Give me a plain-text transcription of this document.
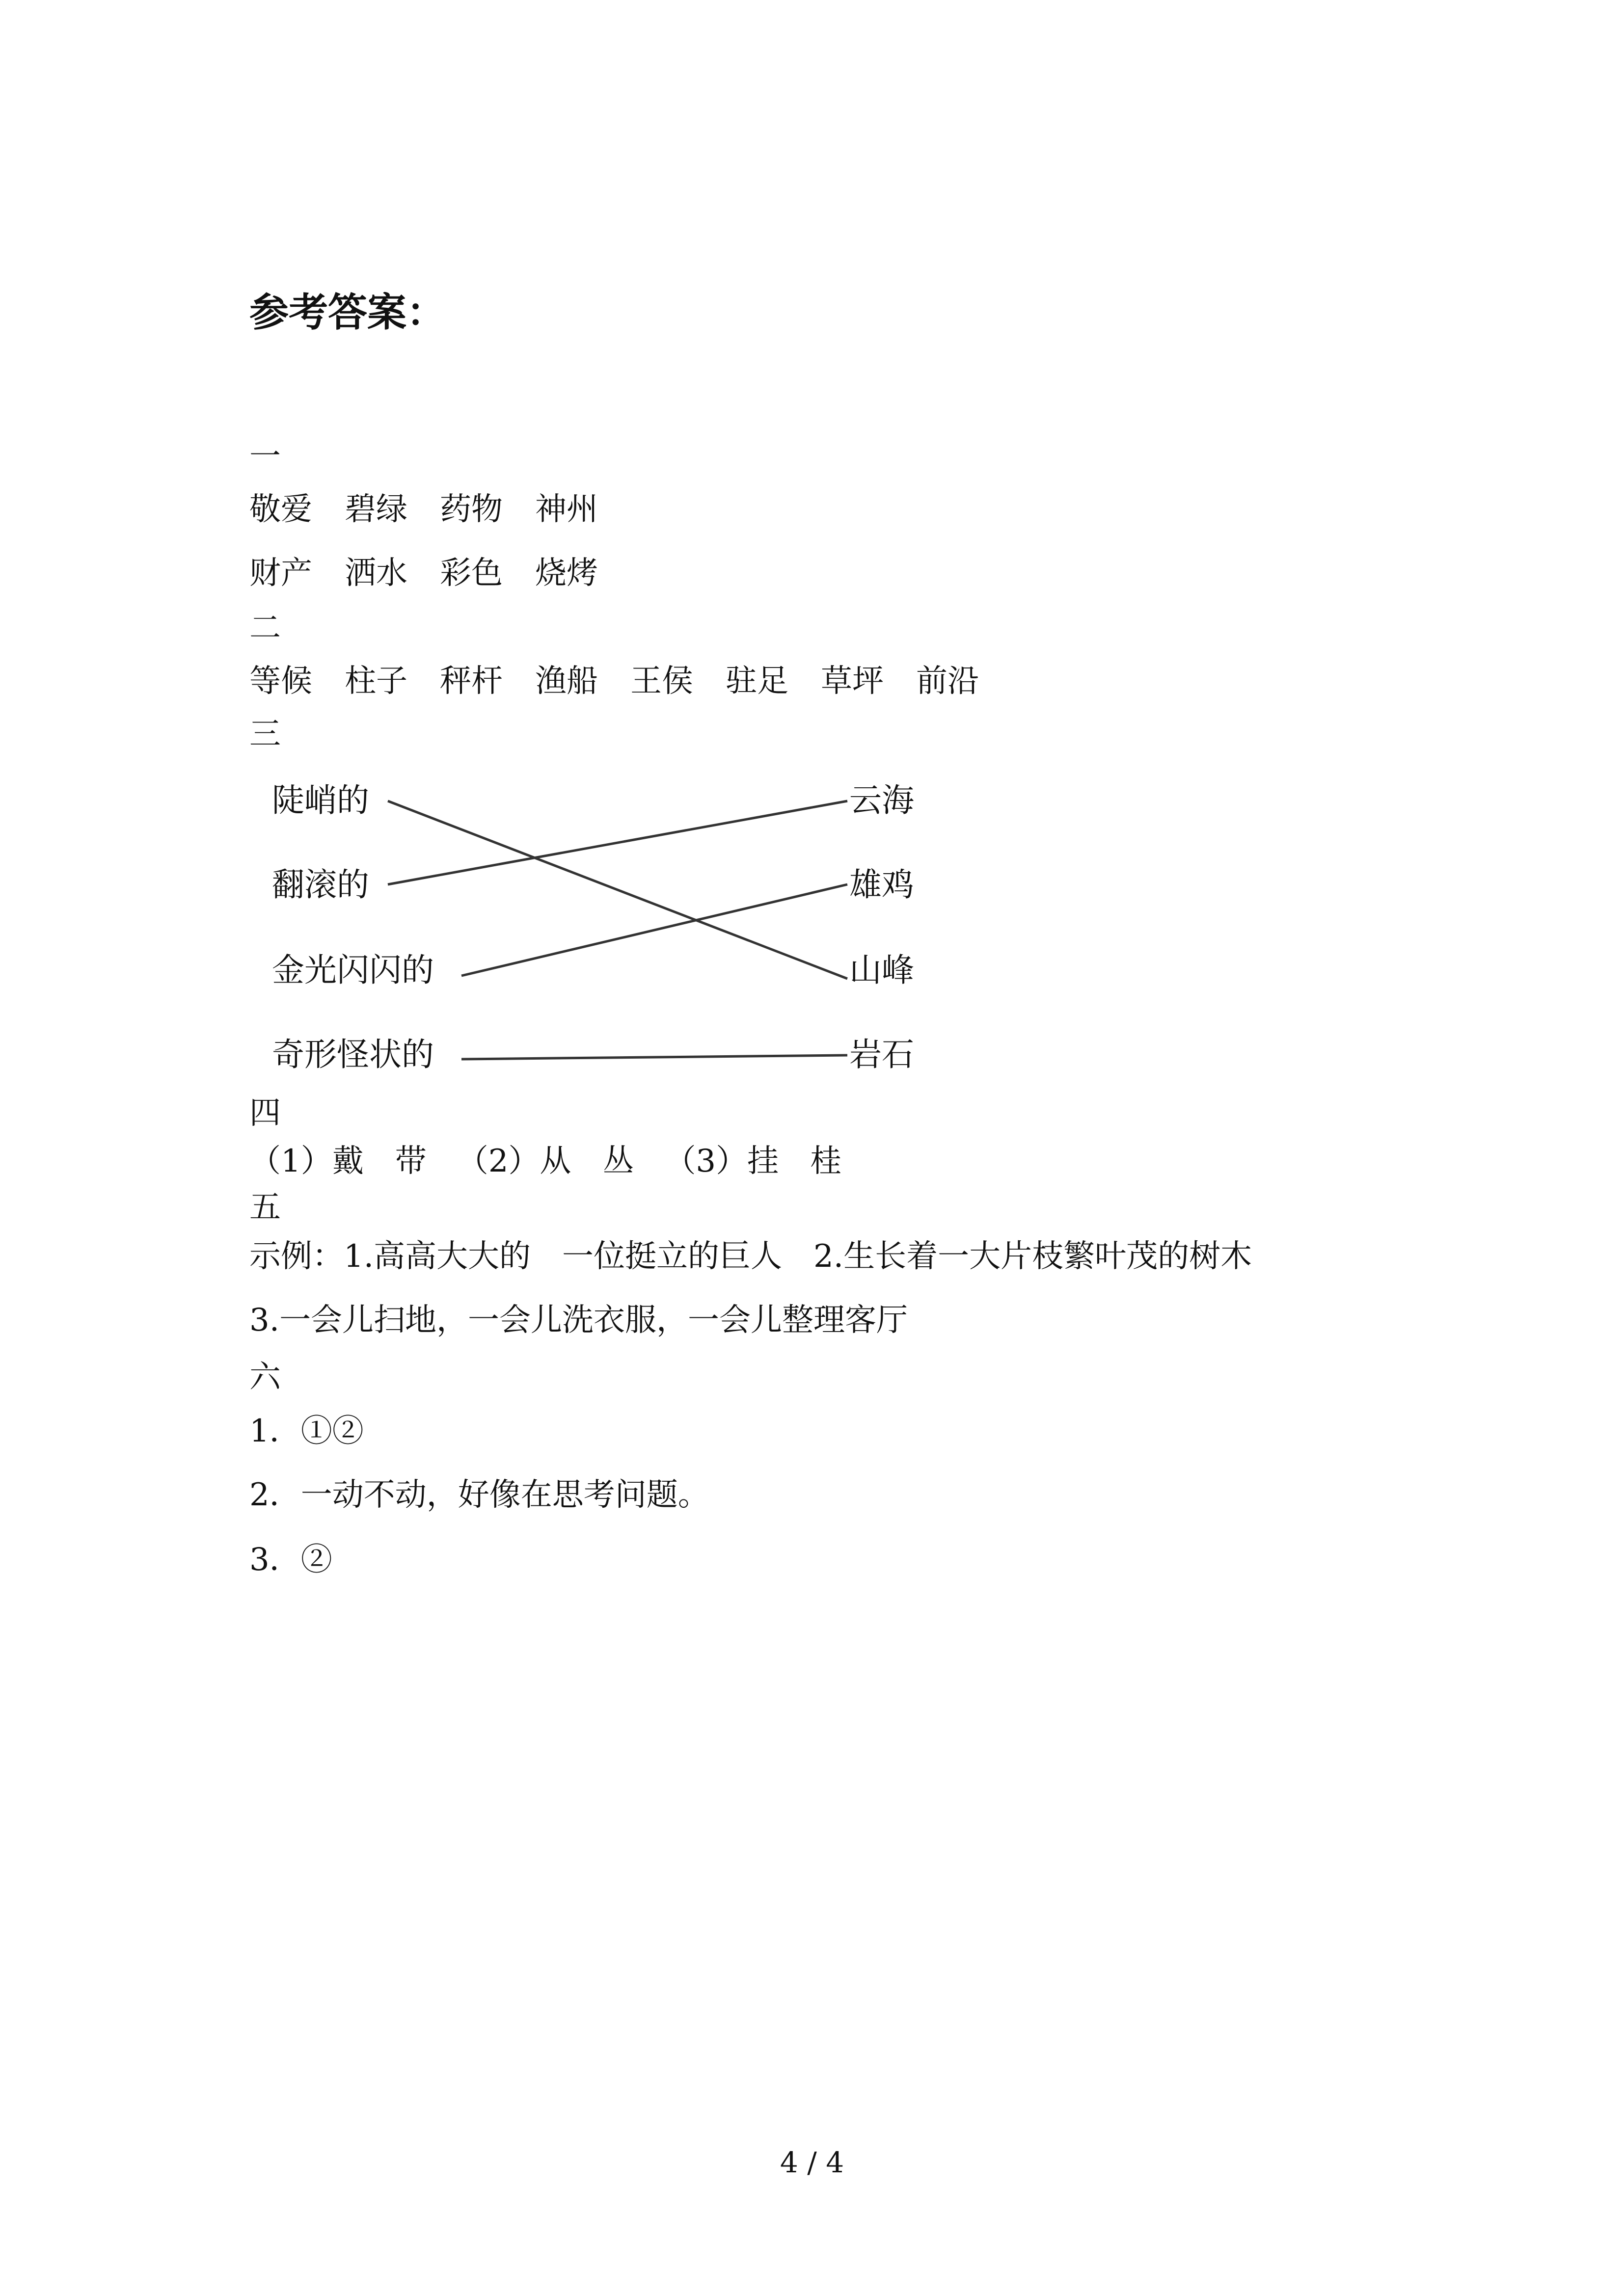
参考答案：
一
敬爱 碧绿 药物 神州
财产 洒水 彩色 烧烤
二
等候 柱子 秤杆 渔船 王侯 驻足 草坪 前沿
三
陡峭的
翻滚的
金光闪闪的
奇形怪状的
云海
雄鸡
山峰
岩石
四
（1）戴　带 （2）从　丛 （3）挂　桂
五
示例：1.高高大大的　一位挺立的巨人　2.生长着一大片枝繁叶茂的树木
3.一会儿扫地，一会儿洗衣服，一会儿整理客厅
六
1．①②
2．一动不动，好像在思考问题。
3．②
4 / 4
